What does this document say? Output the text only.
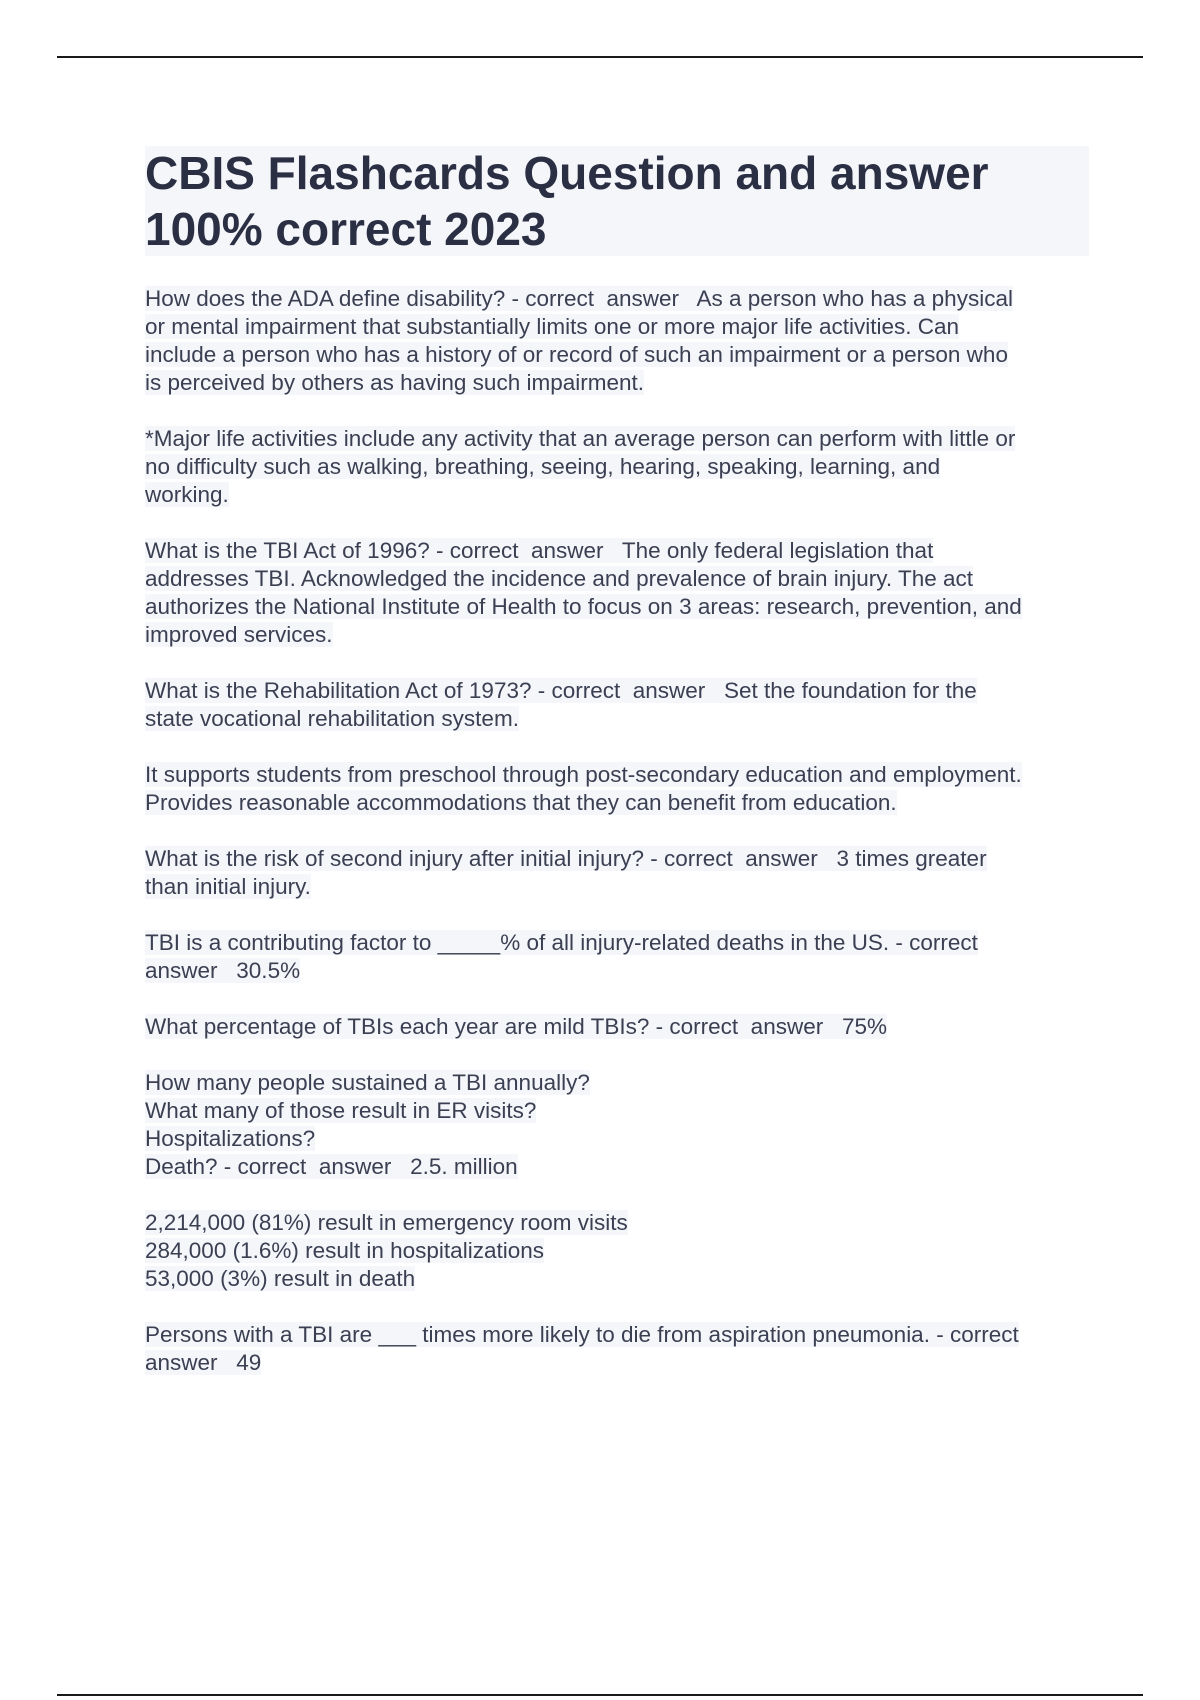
CBIS Flashcards Question and answer
100% correct 2023

How does the ADA define disability? - correct  answer   As a person who has a physical
or mental impairment that substantially limits one or more major life activities. Can
include a person who has a history of or record of such an impairment or a person who
is perceived by others as having such impairment.

*Major life activities include any activity that an average person can perform with little or
no difficulty such as walking, breathing, seeing, hearing, speaking, learning, and
working.

What is the TBI Act of 1996? - correct  answer   The only federal legislation that
addresses TBI. Acknowledged the incidence and prevalence of brain injury. The act
authorizes the National Institute of Health to focus on 3 areas: research, prevention, and
improved services.

What is the Rehabilitation Act of 1973? - correct  answer   Set the foundation for the
state vocational rehabilitation system.

It supports students from preschool through post-secondary education and employment.
Provides reasonable accommodations that they can benefit from education.

What is the risk of second injury after initial injury? - correct  answer   3 times greater
than initial injury.

TBI is a contributing factor to _____% of all injury-related deaths in the US. - correct
answer   30.5%

What percentage of TBIs each year are mild TBIs? - correct  answer   75%

How many people sustained a TBI annually?
What many of those result in ER visits?
Hospitalizations?
Death? - correct  answer   2.5. million

2,214,000 (81%) result in emergency room visits
284,000 (1.6%) result in hospitalizations
53,000 (3%) result in death

Persons with a TBI are ___ times more likely to die from aspiration pneumonia. - correct
answer   49
